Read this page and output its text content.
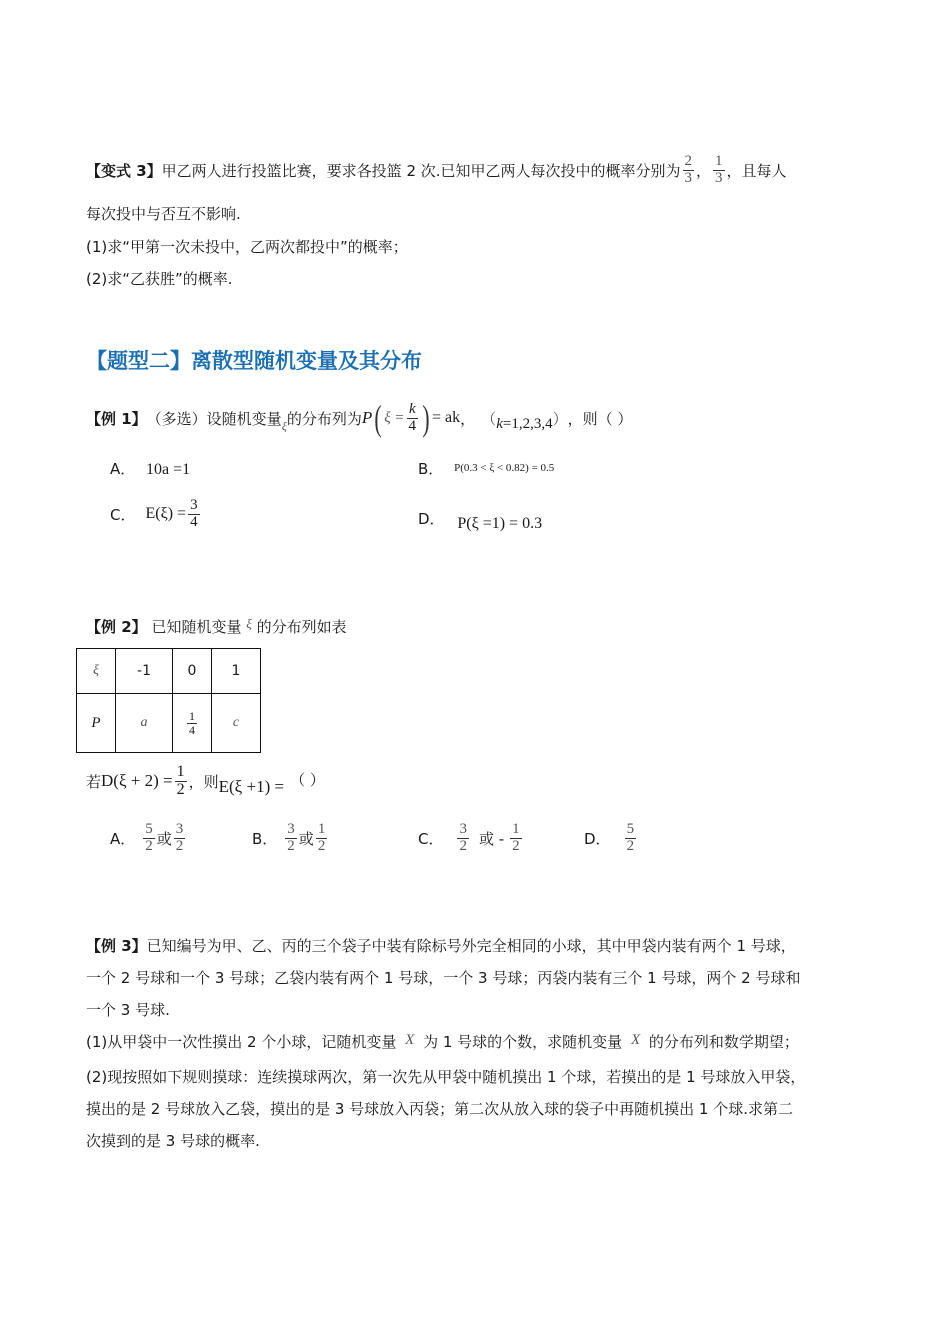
【变式 3】 甲乙两人进行投篮比赛，要求各投篮 2 次.已知甲乙两人每次投中的概率分别为 $\frac{2}{3}$ ， $\frac{1}{3}$ ，且每人
每次投中与否互不影响.
(1)求“甲第一次未投中，乙两次都投中”的概率；
(2)求“乙获胜”的概率.
【题型二】离散型随机变量及其分布
【例 1】 （多选）设随机变量 ξ 的分布列为 P ( $\xi = \frac{k}{4}$ ) = ak ， （ k =1,2,3,4 ） ，则（ ）
A． 10a =1	B． $^{P(0.3 < \xi < 0.82) = 0.5}$
C． $E(\xi) = \frac{3}{4}$	D． P(ξ =1) = 0.3
【例 2】 已知随机变量 ξ 的分布列如表
ξ	-1	0	1
P	a	$\frac{1}{4}$	c
若 $D(\xi + 2) = \frac{1}{2}$ ，则 E(ξ +1) = （ ）
A． $\frac{5}{2}$ 或 $\frac{3}{2}$	B． $\frac{3}{2}$ 或 $\frac{1}{2}$	C． $\frac{3}{2}$ 或 - $\frac{1}{2}$	D． $\frac{5}{2}$
【例 3】已知编号为甲、乙、丙的三个袋子中装有除标号外完全相同的小球，其中甲袋内装有两个 1 号球，
一个 2 号球和一个 3 号球；乙袋内装有两个 1 号球，一个 3 号球；丙袋内装有三个 1 号球，两个 2 号球和
一个 3 号球.
(1)从甲袋中一次性摸出 2 个小球，记随机变量 X 为 1 号球的个数，求随机变量 X 的分布列和数学期望；
(2)现按照如下规则摸球：连续摸球两次，第一次先从甲袋中随机摸出 1 个球，若摸出的是 1 号球放入甲袋，
摸出的是 2 号球放入乙袋，摸出的是 3 号球放入丙袋；第二次从放入球的袋子中再随机摸出 1 个球.求第二
次摸到的是 3 号球的概率.
